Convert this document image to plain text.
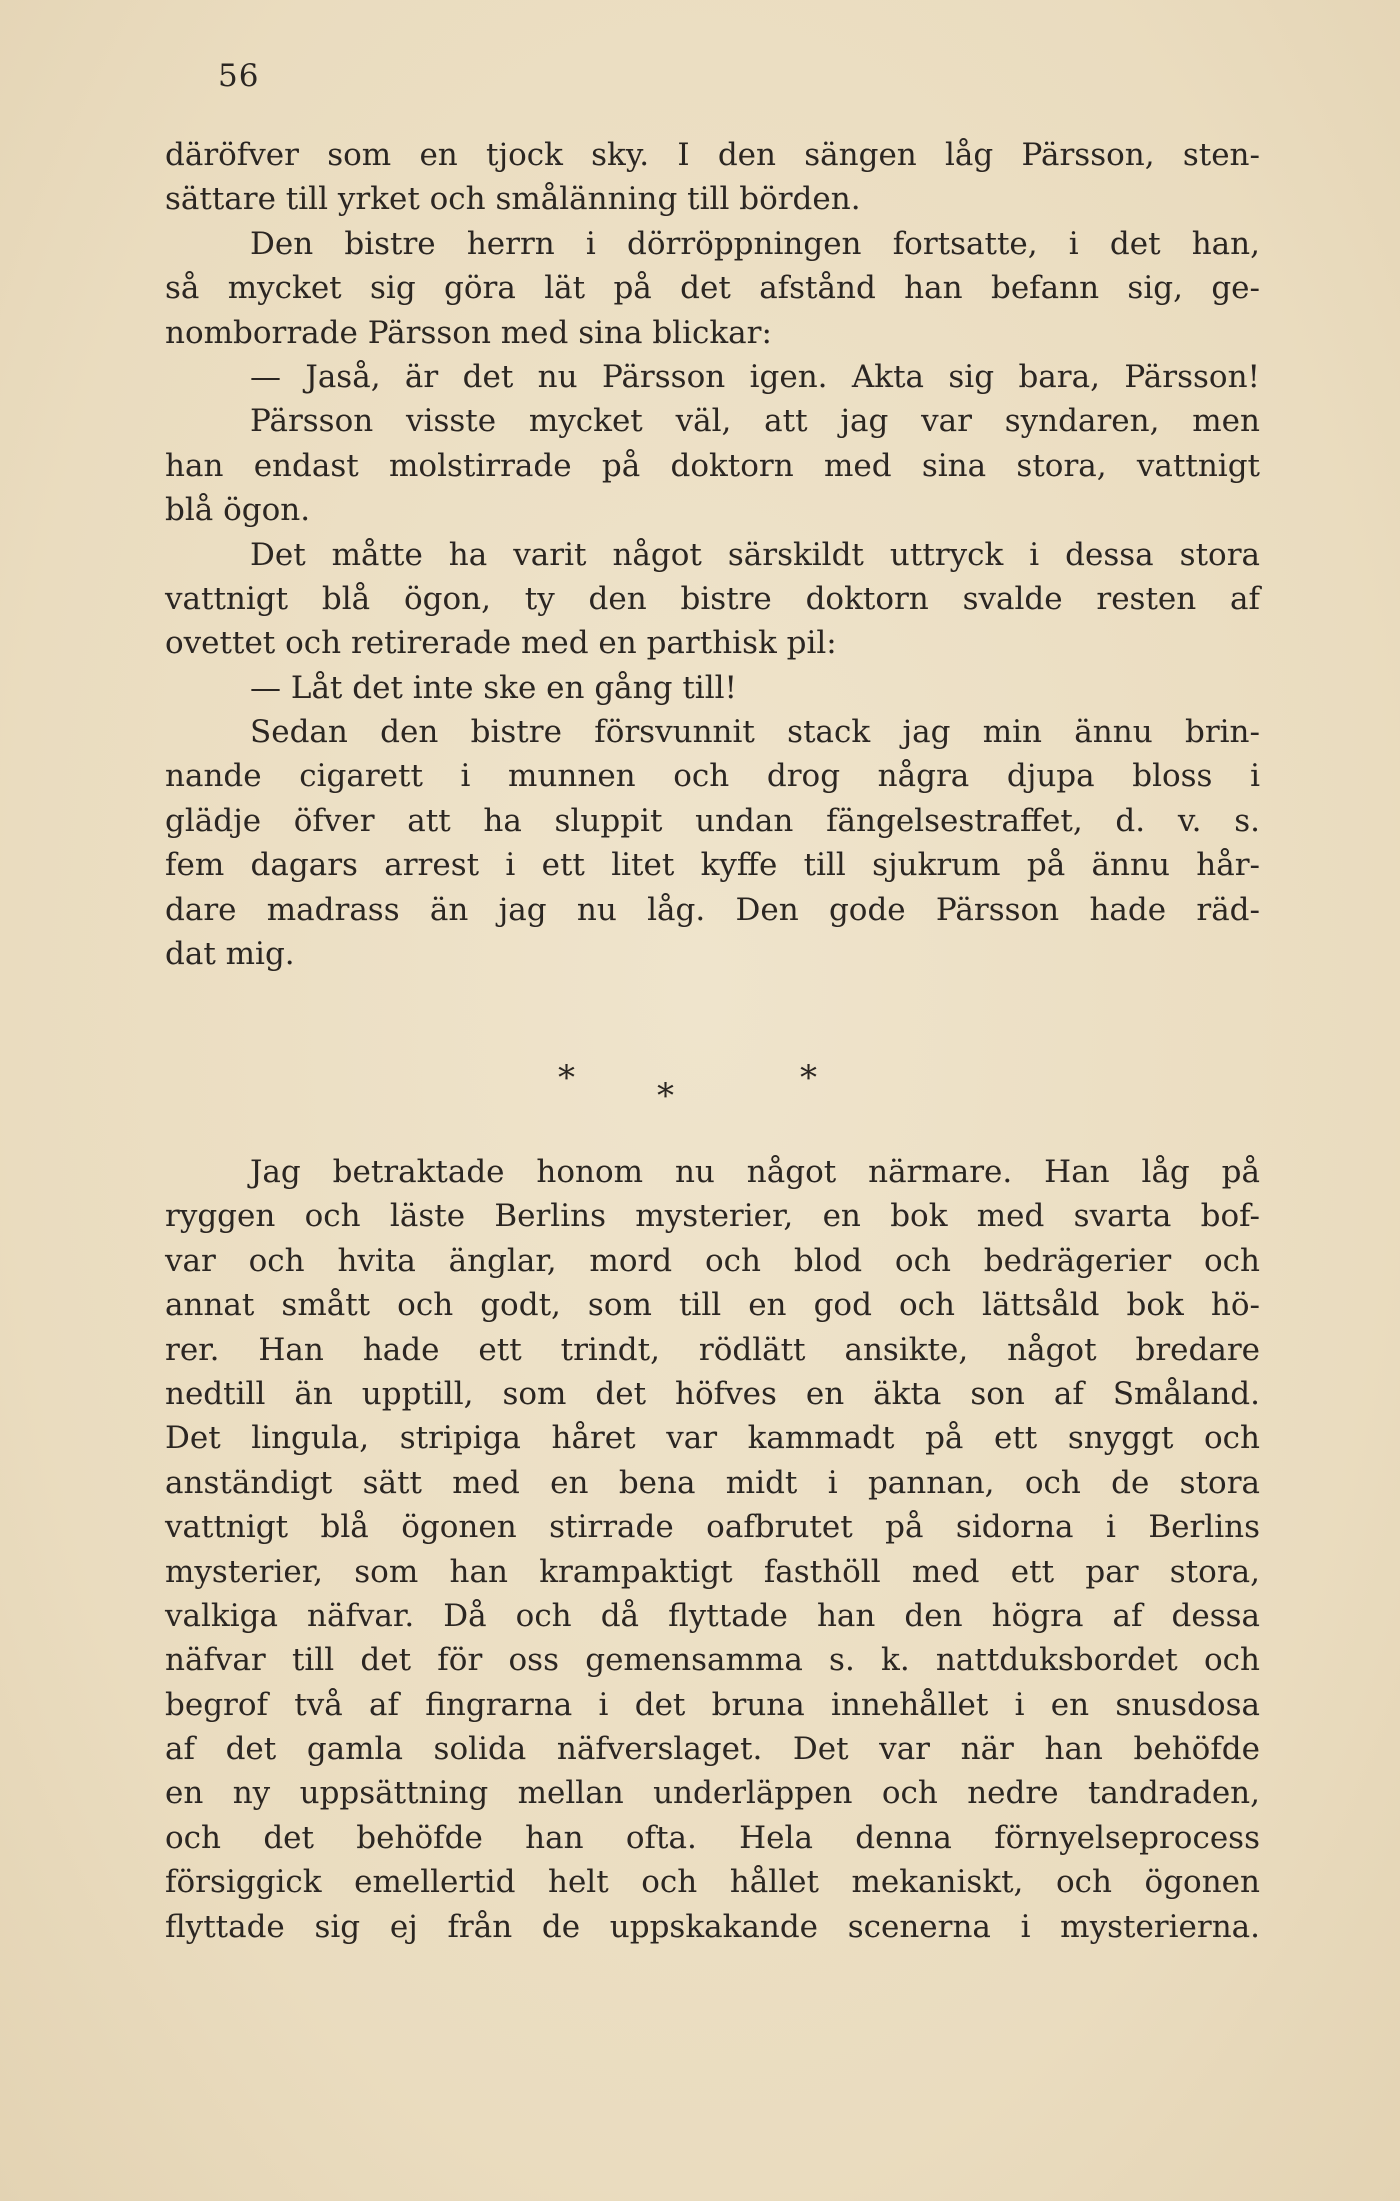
56
däröfver som en tjock sky. I den sängen låg Pärsson, sten-
sättare till yrket och smålänning till börden.
Den bistre herrn i dörröppningen fortsatte, i det han,
så mycket sig göra lät på det afstånd han befann sig, ge-
nomborrade Pärsson med sina blickar:
— Jaså, är det nu Pärsson igen. Akta sig bara, Pärsson!
Pärsson visste mycket väl, att jag var syndaren, men
han endast molstirrade på doktorn med sina stora, vattnigt
blå ögon.
Det måtte ha varit något särskildt uttryck i dessa stora
vattnigt blå ögon, ty den bistre doktorn svalde resten af
ovettet och retirerade med en parthisk pil:
— Låt det inte ske en gång till!
Sedan den bistre försvunnit stack jag min ännu brin-
nande cigarett i munnen och drog några djupa bloss i
glädje öfver att ha sluppit undan fängelsestraffet, d. v. s.
fem dagars arrest i ett litet kyffe till sjukrum på ännu hår-
dare madrass än jag nu låg. Den gode Pärsson hade räd-
dat mig.
* *	*
Jag betraktade honom nu något närmare. Han låg på
ryggen och läste Berlins mysterier, en bok med svarta bof-
var och hvita änglar, mord och blod och bedrägerier och
annat smått och godt, som till en god och lättsåld bok hö-
rer. Han hade ett trindt, rödlätt ansikte, något bredare
nedtill än upptill, som det höfves en äkta son af Småland.
Det lingula, stripiga håret var kammadt på ett snyggt och
anständigt sätt med en bena midt i pannan, och de stora
vattnigt blå ögonen stirrade oafbrutet på sidorna i Berlins
mysterier, som han krampaktigt fasthöll med ett par stora,
valkiga näfvar. Då och då flyttade han den högra af dessa
näfvar till det för oss gemensamma s. k. nattduksbordet och
begrof två af fingrarna i det bruna innehållet i en snusdosa
af det gamla solida näfverslaget. Det var när han behöfde
en ny uppsättning mellan underläppen och nedre tandraden,
och det behöfde han ofta. Hela denna förnyelseprocess
försiggick emellertid helt och hållet mekaniskt, och ögonen
flyttade sig ej från de uppskakande scenerna i mysterierna.
